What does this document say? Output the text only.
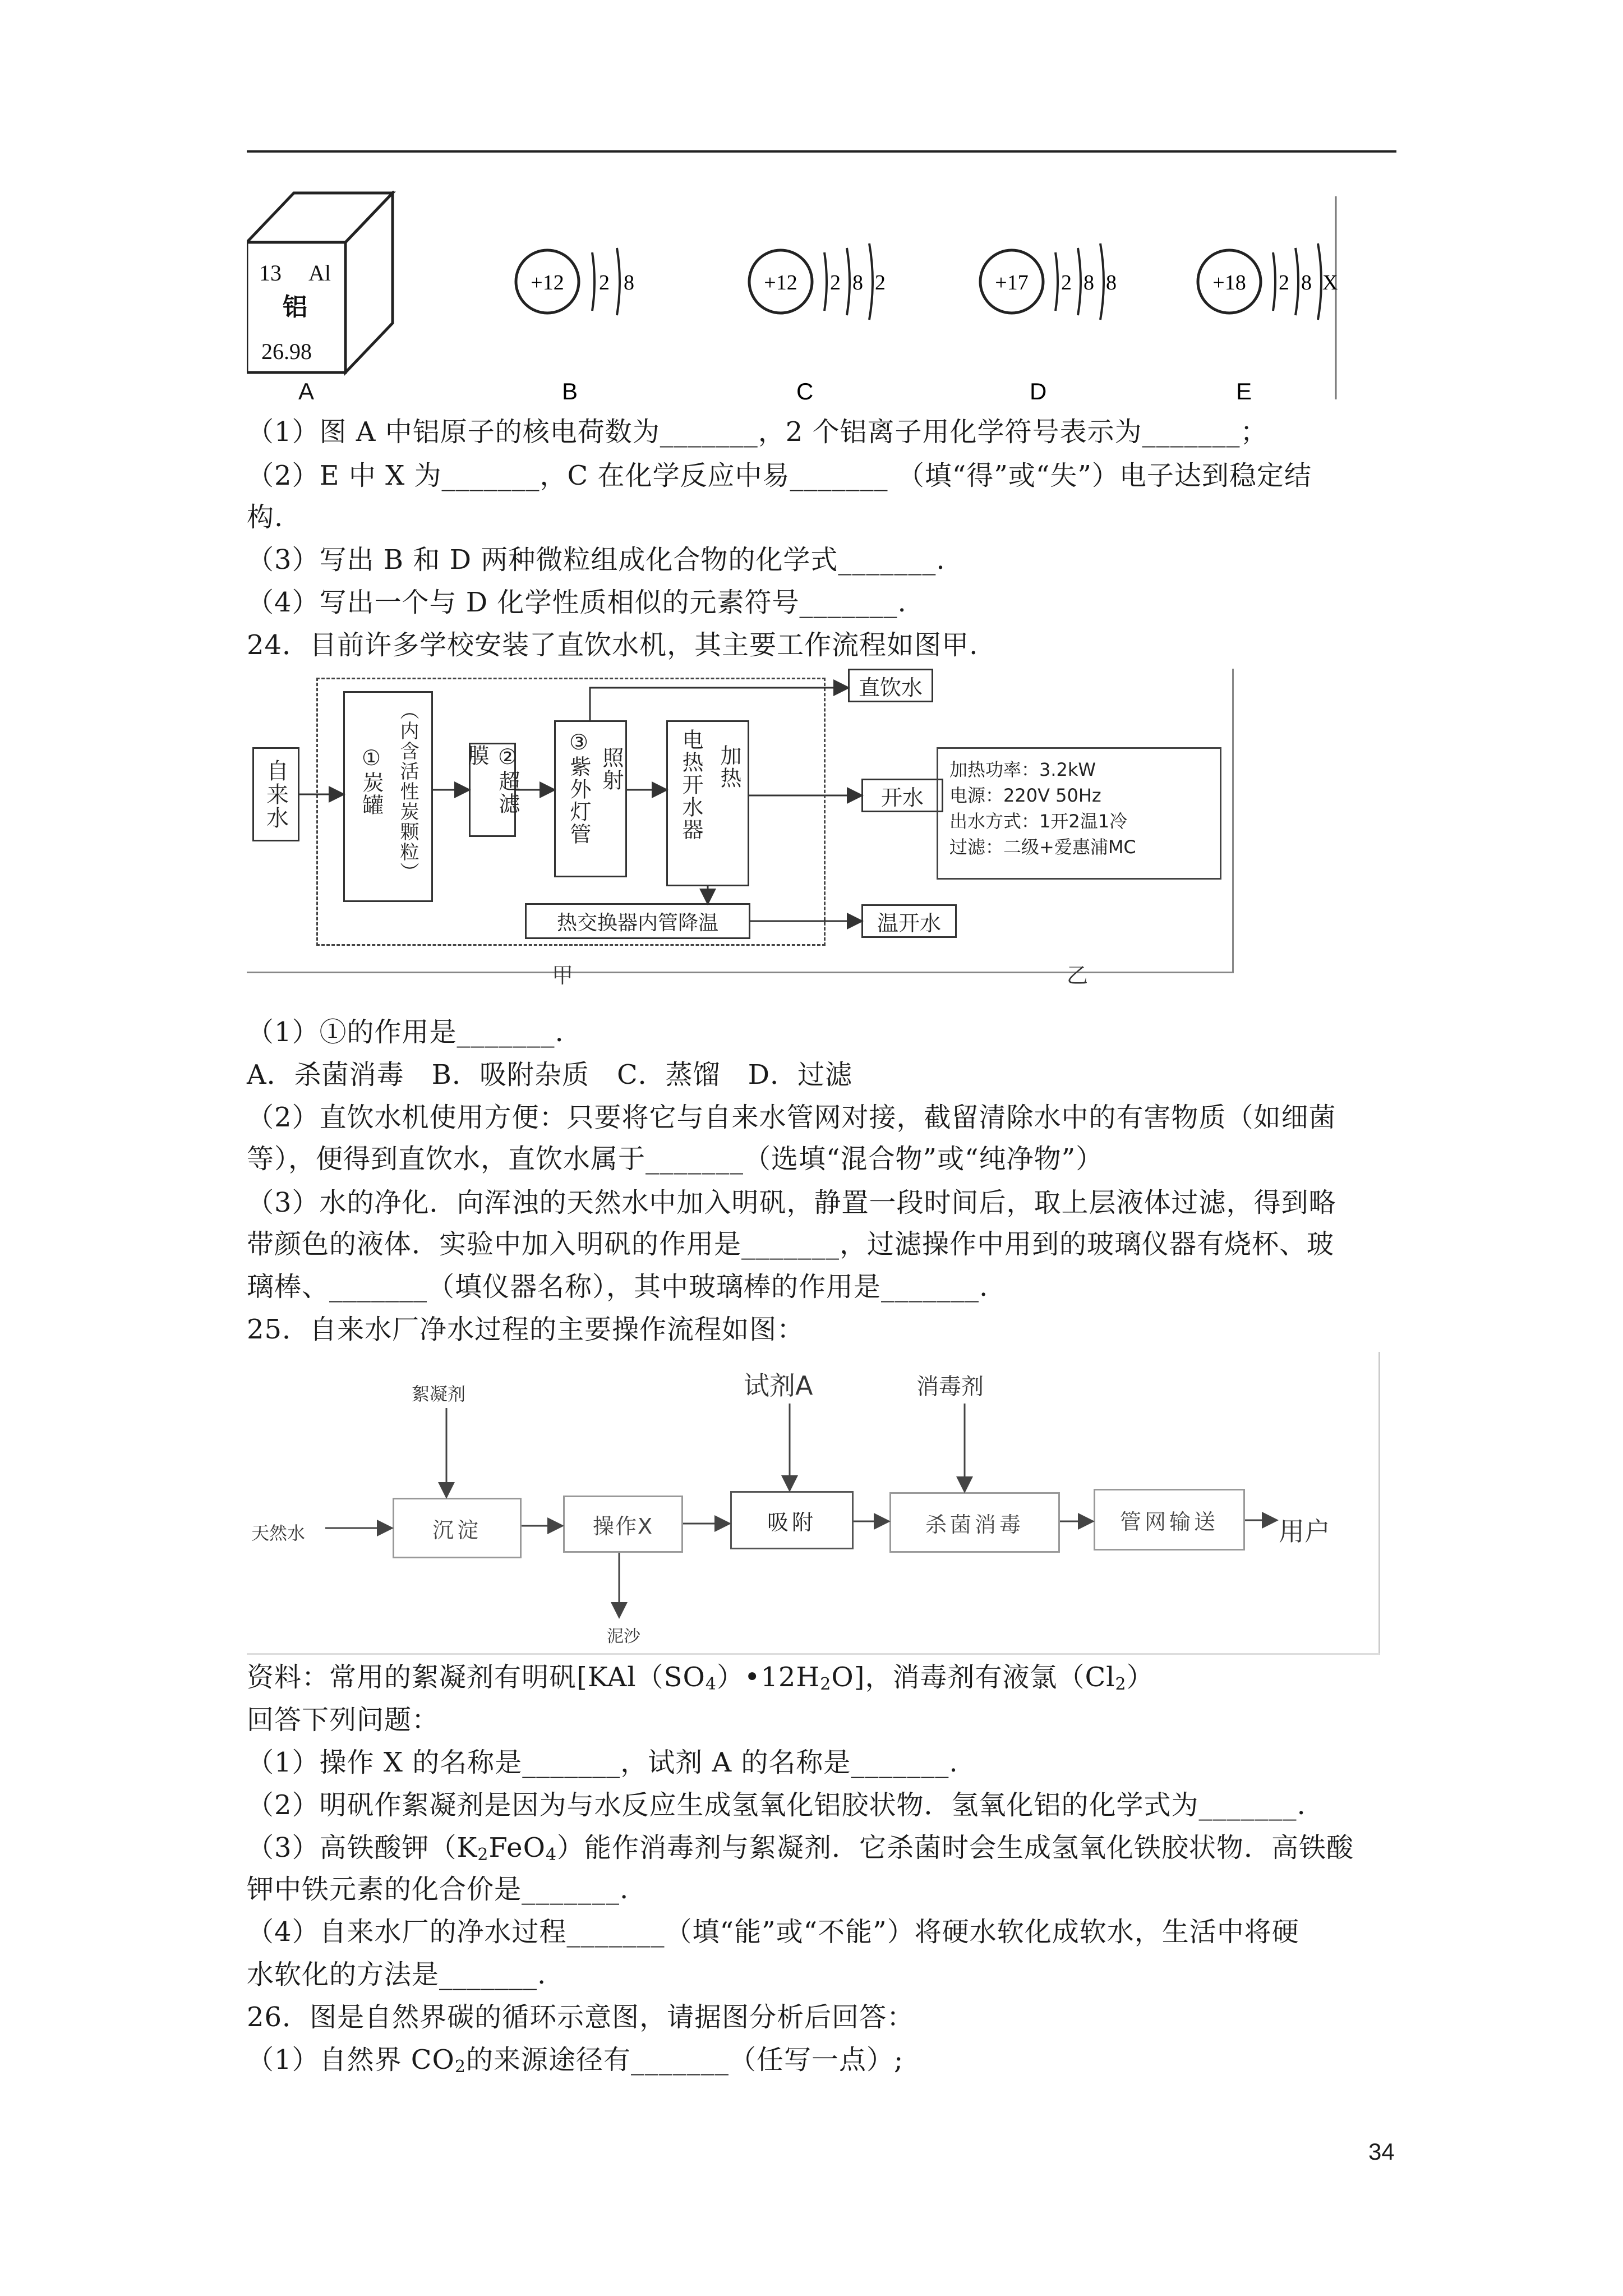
13 Al
铝
26.98
A
+12 2 8
B
+12 2 8 2
C
+17 2 8 8
D
+18 2 8 X
E
（1）图 A 中铝原子的核电荷数为_______，2 个铝离子用化学符号表示为_______；
（2）E 中 X 为_______，C 在化学反应中易_______ （填“得”或“失”）电子达到稳定结
构.
（3）写出 B 和 D 两种微粒组成化合物的化学式_______.
（4）写出一个与 D 化学性质相似的元素符号_______.
24．目前许多学校安装了直饮水机，其主要工作流程如图甲.
自来水	（内含活性炭颗粒）
①炭罐	②超滤膜	③紫外灯管 照射	电热开水器 加热
热交换器内管降温
直饮水
开水
温开水
加热功率：3.2kW
电源：220V 50Hz
出水方式：1开2温1冷
过滤：二级+爱惠浦MC
甲	乙
（1）①的作用是_______.
A．杀菌消毒　B．吸附杂质　C．蒸馏　D．过滤
（2）直饮水机使用方便：只要将它与自来水管网对接，截留清除水中的有害物质（如细菌
等），便得到直饮水，直饮水属于_______（选填“混合物”或“纯净物”）
（3）水的净化．向浑浊的天然水中加入明矾，静置一段时间后，取上层液体过滤，得到略
带颜色的液体．实验中加入明矾的作用是_______，过滤操作中用到的玻璃仪器有烧杯、玻
璃棒、_______（填仪器名称），其中玻璃棒的作用是_______.
25．自来水厂净水过程的主要操作流程如图：
天然水
絮凝剂	试剂A	消毒剂
用户
泥沙
沉淀	操作X	吸附	杀菌消毒	管网输送
资料：常用的絮凝剂有明矾$[KAl(SO_4)•12H_2O]$，消毒剂有液氯$(Cl_2)$
回答下列问题：
（1）操作 X 的名称是_______，试剂 A 的名称是_______.
（2）明矾作絮凝剂是因为与水反应生成氢氧化铝胶状物．氢氧化铝的化学式为_______.
（3）高铁酸钾$(K_2FeO_4)$能作消毒剂与絮凝剂．它杀菌时会生成氢氧化铁胶状物．高铁酸
钾中铁元素的化合价是_______.
（4）自来水厂的净水过程_______（填“能”或“不能”）将硬水软化成软水，生活中将硬
水软化的方法是_______.
26．图是自然界碳的循环示意图，请据图分析后回答：
（1）自然界 $CO_2$的来源途径有_______（任写一点）;
34
